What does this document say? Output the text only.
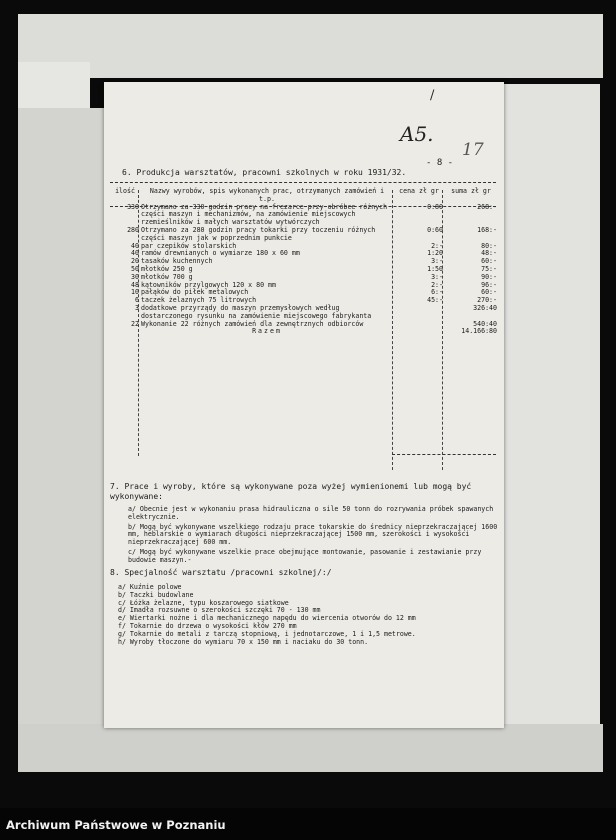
/
A5.
17
- 8 -
6. Produkcja warsztatów, pracowni szkolnych w roku 1931/32.
ilość	Nazwy wyrobów, spis wykonanych prac, otrzymanych zamówień i t.p.	cena zł gr	suma zł gr
330	Otrzymano za 330 godzin pracy na frezarce przy obróbce różnych części maszyn i mechanizmów, na zamówienie miejscowych rzemieślników i małych warsztatów wytwórczych	0:80	268:-
280	Otrzymano za 280 godzin pracy tokarki przy toczeniu różnych części maszyn jak w poprzednim punkcie	0:60	168:-
40	par czepików stolarskich	2:-	80:-
40	ramów drewnianych o wymiarze 180 x 60 mm	1:20	48:-
20	tasaków kuchennych	3:-	60:-
50	młotków 250 g	1:50	75:-
30	młotków 700 g	3:-	90:-
48	kątowników przylgowych 120 x 80 mm	2:-	96:-
10	pałąków do piłek metalowych	6:-	60:-
6	taczek żelaznych 75 litrowych	45:-	270:-
3	dodatkowe przyrządy do maszyn przemysłowych według dostarczonego rysunku na zamówienie miejscowego fabrykanta		326:40
22	Wykonanie 22 różnych zamówień dla zewnętrznych odbiorców		540:40
	Razem		14.166:80
7. Prace i wyroby, które są wykonywane poza wyżej wymienionemi lub mogą być wykonywane:

a/ Obecnie jest w wykonaniu prasa hidrauliczna o sile 50 tonn do rozrywania próbek spawanych elektrycznie.

b/ Mogą być wykonywane wszelkiego rodzaju prace tokarskie do średnicy nieprzekraczającej 1600 mm, heblarskie o wymiarach długości nieprzekraczającej 1500 mm, szerokości i wysokości nieprzekraczającej 600 mm.

c/ Mogą być wykonywane wszelkie prace obejmujące montowanie, pasowanie i zestawianie przy budowie maszyn.-

8. Specjalność warsztatu /pracowni szkolnej/:/
a/ Kuźnie polowe
b/ Taczki budowlane
c/ Łóżka żelazne, typu koszarowego siatkowe
d/ Imadła rozsuwne o szerokości szczęki 70 - 130 mm
e/ Wiertarki nożne i dla mechanicznego napędu do wiercenia otworów do 12 mm
f/ Tokarnie do drzewa o wysokości kłów 270 mm
g/ Tokarnie do metali z tarczą stopniową, i jednotarczowe, 1 i 1,5 metrowe.
h/ Wyroby tłoczone do wymiaru 70 x 150 mm i naciaku do 30 tonn.
Archiwum Państwowe w Poznaniu
